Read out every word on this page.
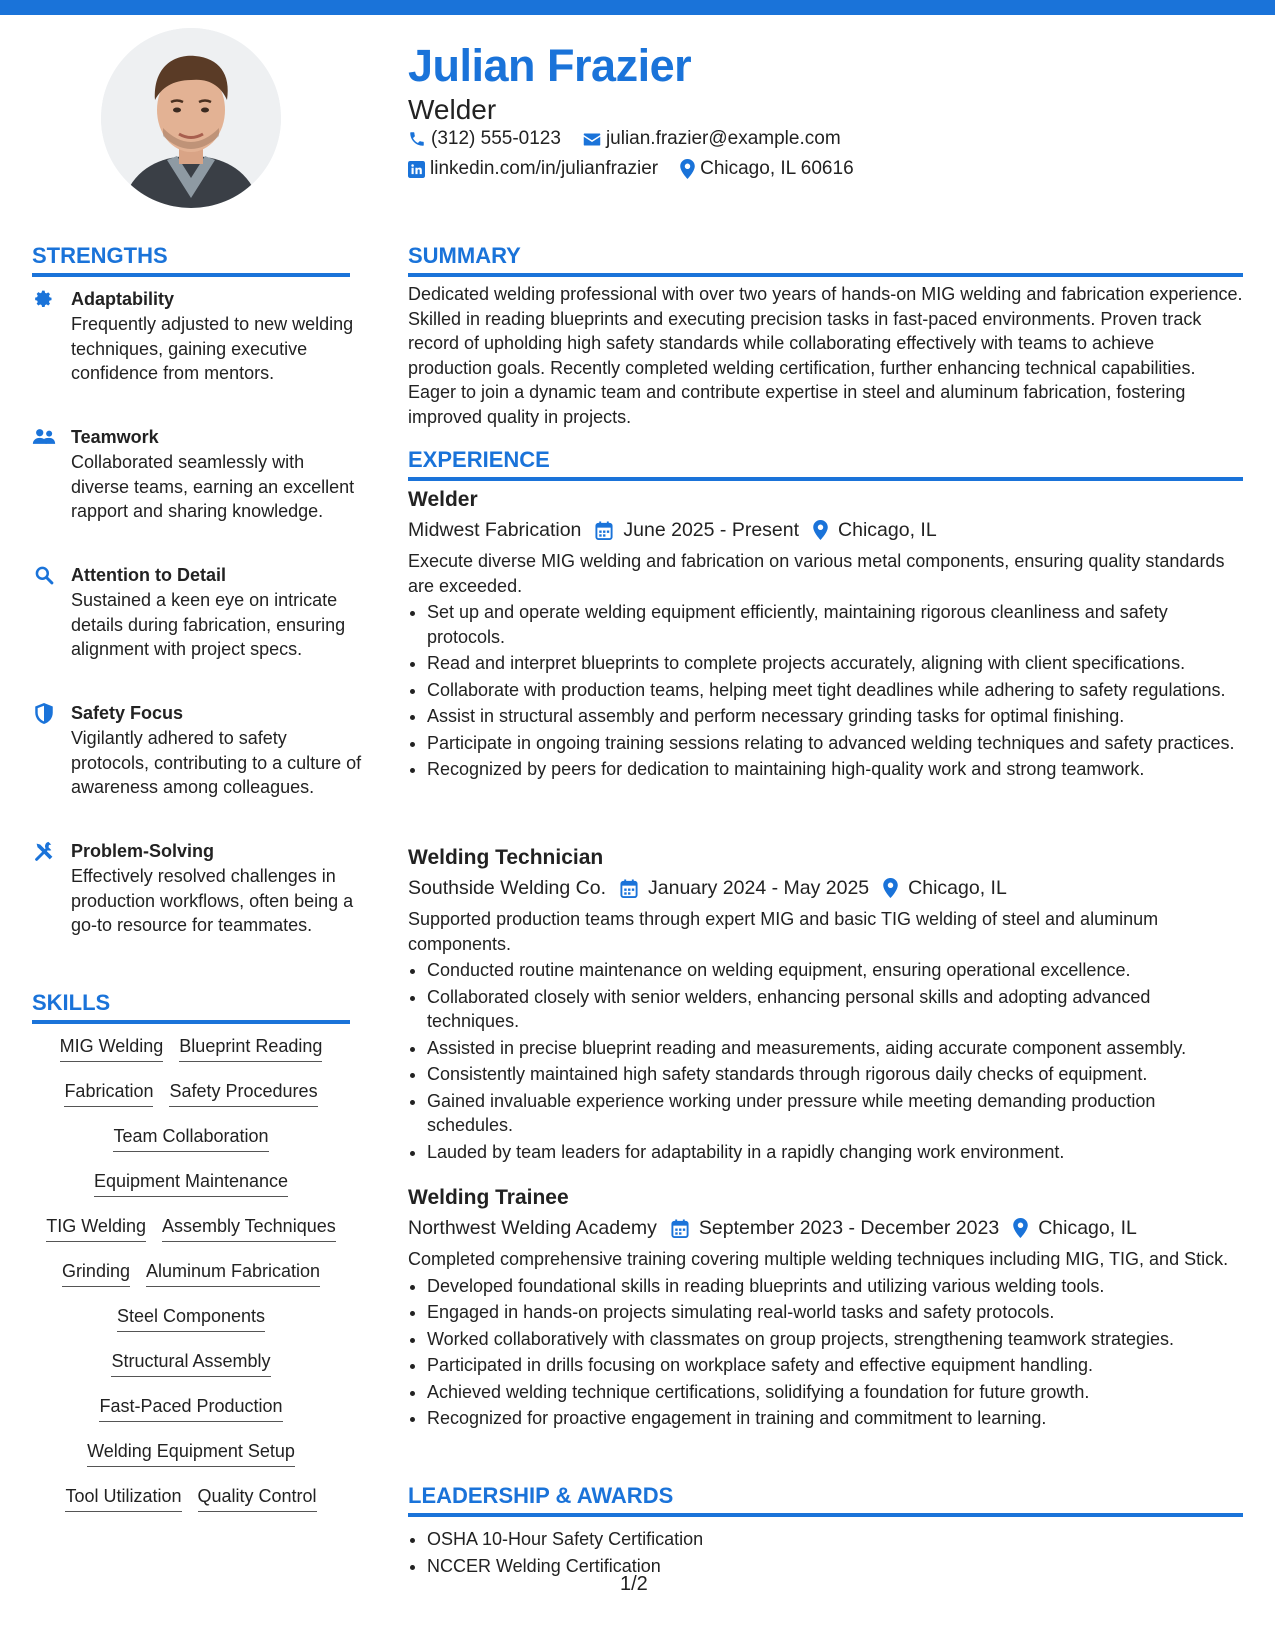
Julian Frazier
Welder
(312) 555-0123 julian.frazier@example.com
linkedin.com/in/julianfrazier Chicago, IL 60616
STRENGTHS
Adaptability
Frequently adjusted to new welding techniques, gaining executive confidence from mentors.
Teamwork
Collaborated seamlessly with diverse teams, earning an excellent rapport and sharing knowledge.
Attention to Detail
Sustained a keen eye on intricate details during fabrication, ensuring alignment with project specs.
Safety Focus
Vigilantly adhered to safety protocols, contributing to a culture of awareness among colleagues.
Problem-Solving
Effectively resolved challenges in production workflows, often being a go-to resource for teammates.
SKILLS
MIG Welding Blueprint Reading
Fabrication Safety Procedures
Team Collaboration
Equipment Maintenance
TIG Welding Assembly Techniques
Grinding Aluminum Fabrication
Steel Components
Structural Assembly
Fast-Paced Production
Welding Equipment Setup
Tool Utilization Quality Control
SUMMARY
Dedicated welding professional with over two years of hands-on MIG welding and fabrication experience. Skilled in reading blueprints and executing precision tasks in fast-paced environments. Proven track record of upholding high safety standards while collaborating effectively with teams to achieve production goals. Recently completed welding certification, further enhancing technical capabilities. Eager to join a dynamic team and contribute expertise in steel and aluminum fabrication, fostering improved quality in projects.
EXPERIENCE
Welder
Midwest Fabrication June 2025 - Present Chicago, IL
Execute diverse MIG welding and fabrication on various metal components, ensuring quality standards are exceeded.
• Set up and operate welding equipment efficiently, maintaining rigorous cleanliness and safety protocols.
• Read and interpret blueprints to complete projects accurately, aligning with client specifications.
• Collaborate with production teams, helping meet tight deadlines while adhering to safety regulations.
• Assist in structural assembly and perform necessary grinding tasks for optimal finishing.
• Participate in ongoing training sessions relating to advanced welding techniques and safety practices.
• Recognized by peers for dedication to maintaining high-quality work and strong teamwork.
Welding Technician
Southside Welding Co. January 2024 - May 2025 Chicago, IL
Supported production teams through expert MIG and basic TIG welding of steel and aluminum components.
• Conducted routine maintenance on welding equipment, ensuring operational excellence.
• Collaborated closely with senior welders, enhancing personal skills and adopting advanced techniques.
• Assisted in precise blueprint reading and measurements, aiding accurate component assembly.
• Consistently maintained high safety standards through rigorous daily checks of equipment.
• Gained invaluable experience working under pressure while meeting demanding production schedules.
• Lauded by team leaders for adaptability in a rapidly changing work environment.
Welding Trainee
Northwest Welding Academy September 2023 - December 2023 Chicago, IL
Completed comprehensive training covering multiple welding techniques including MIG, TIG, and Stick.
• Developed foundational skills in reading blueprints and utilizing various welding tools.
• Engaged in hands-on projects simulating real-world tasks and safety protocols.
• Worked collaboratively with classmates on group projects, strengthening teamwork strategies.
• Participated in drills focusing on workplace safety and effective equipment handling.
• Achieved welding technique certifications, solidifying a foundation for future growth.
• Recognized for proactive engagement in training and commitment to learning.
LEADERSHIP & AWARDS
• OSHA 10-Hour Safety Certification
• NCCER Welding Certification
1/2
